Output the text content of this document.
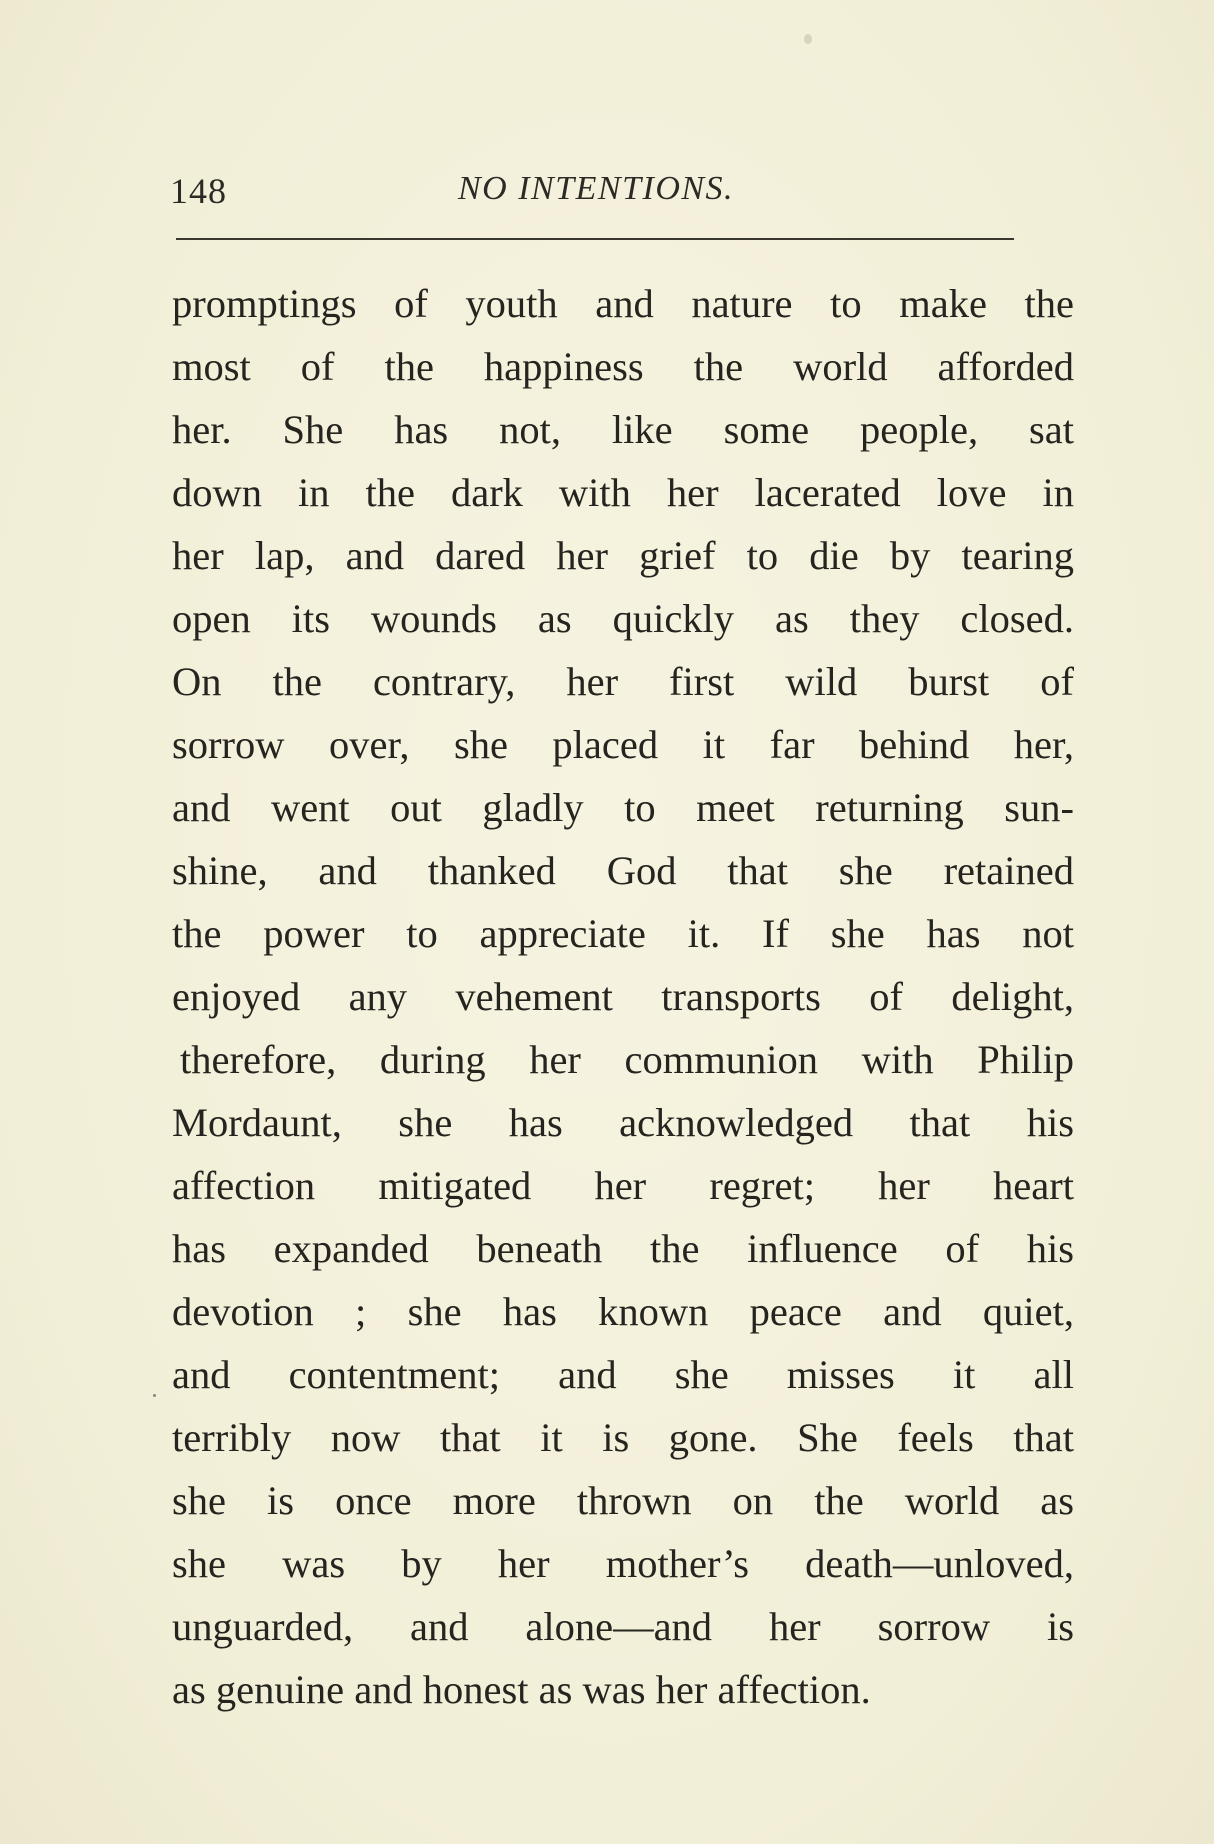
148	NO INTENTIONS.
promptings of youth and nature to make the
most of the happiness the world afforded
her. She has not, like some people, sat
down in the dark with her lacerated love in
her lap, and dared her grief to die by tearing
open its wounds as quickly as they closed.
On the contrary, her first wild burst of
sorrow over, she placed it far behind her,
and went out gladly to meet returning sun-
shine, and thanked God that she retained
the power to appreciate it. If she has not
enjoyed any vehement transports of delight,
therefore, during her communion with Philip
Mordaunt, she has acknowledged that his
affection mitigated her regret; her heart
has expanded beneath the influence of his
devotion ; she has known peace and quiet,
and contentment; and she misses it all
terribly now that it is gone. She feels that
she is once more thrown on the world as
she was by her mother’s death—unloved,
unguarded, and alone—and her sorrow is
as genuine and honest as was her affection.
